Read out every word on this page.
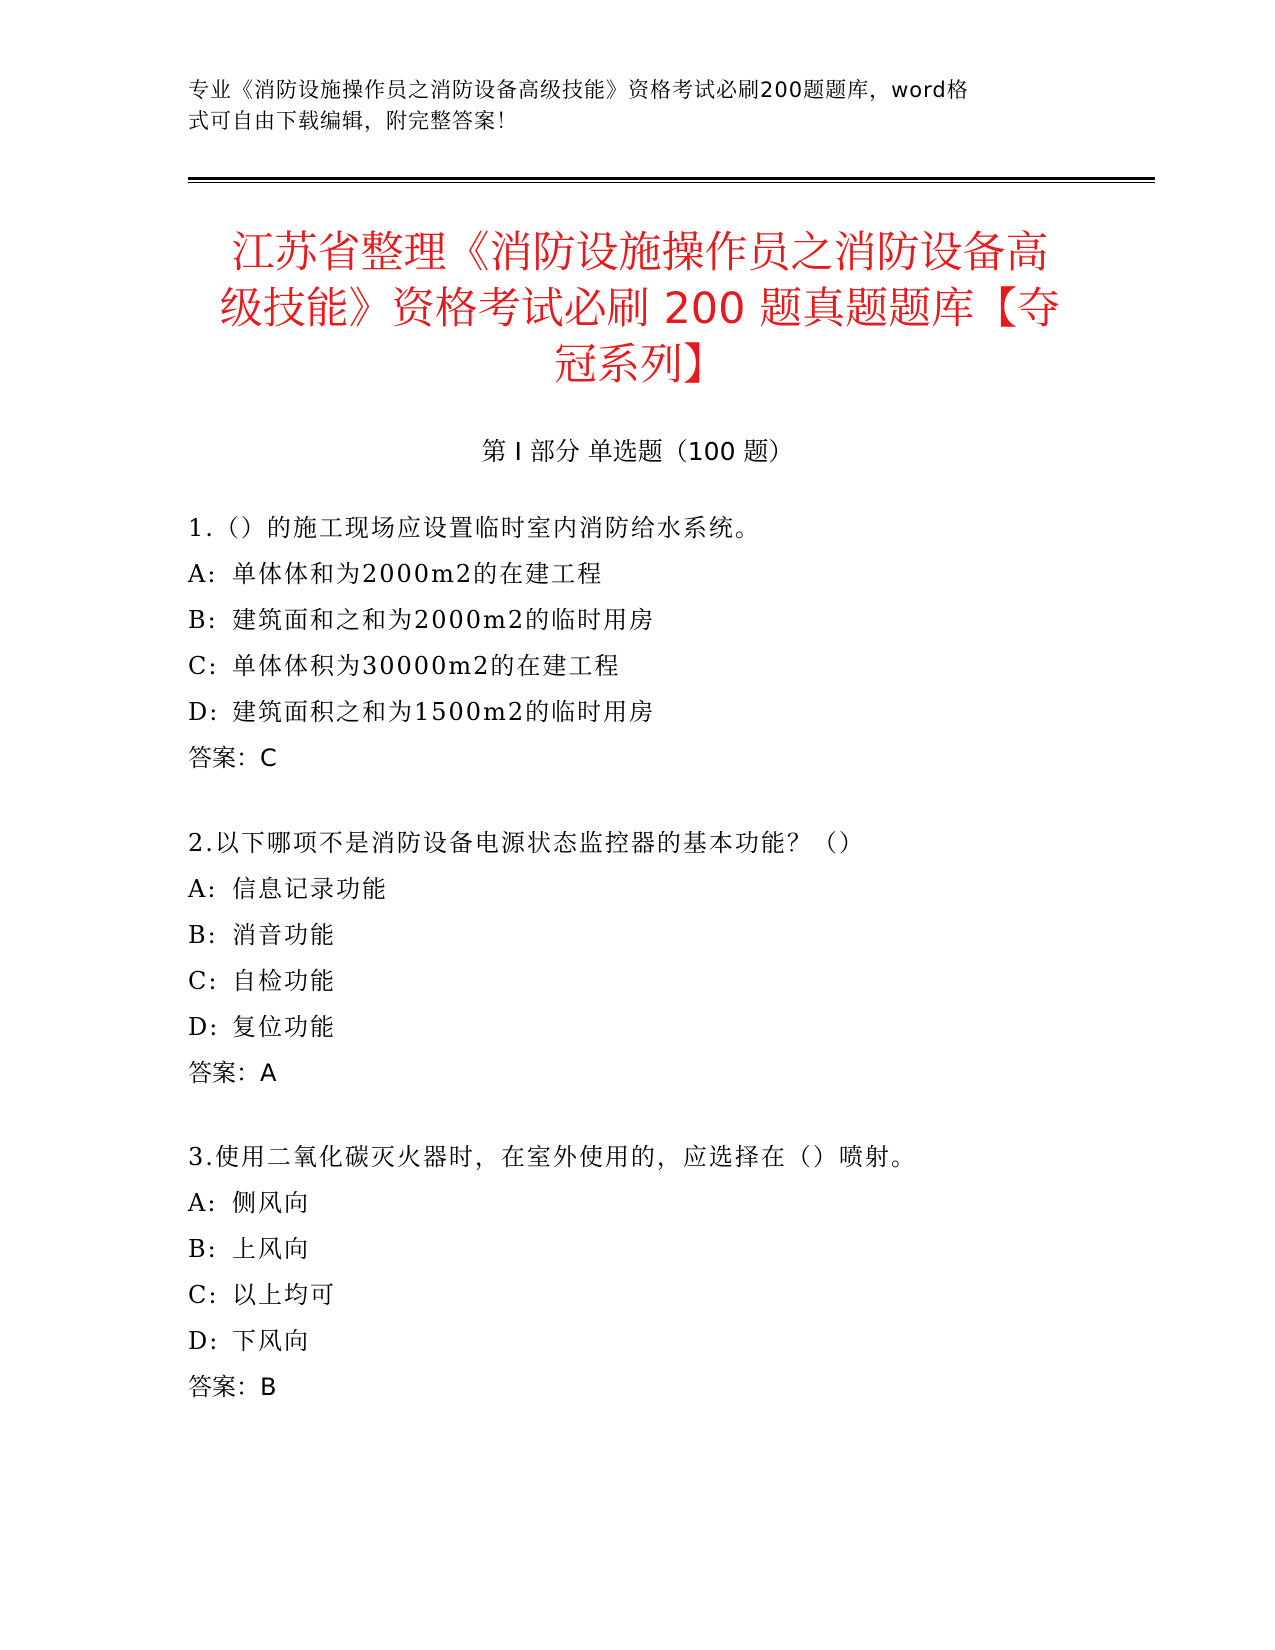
专业《消防设施操作员之消防设备高级技能》资格考试必刷200题题库，word格
式可自由下载编辑，附完整答案！
江苏省整理《消防设施操作员之消防设备高
级技能》资格考试必刷 200 题真题题库【夺
冠系列】
第 I 部分 单选题（100 题）
1.（）的施工现场应设置临时室内消防给水系统。
A: 单体体和为2000m2的在建工程
B: 建筑面和之和为2000m2的临时用房
C: 单体体积为30000m2的在建工程
D: 建筑面积之和为1500m2的临时用房
答案：C
2.以下哪项不是消防设备电源状态监控器的基本功能？（）
A: 信息记录功能
B: 消音功能
C: 自检功能
D: 复位功能
答案：A
3.使用二氧化碳灭火器时，在室外使用的，应选择在（）喷射。
A: 侧风向
B: 上风向
C: 以上均可
D: 下风向
答案：B
